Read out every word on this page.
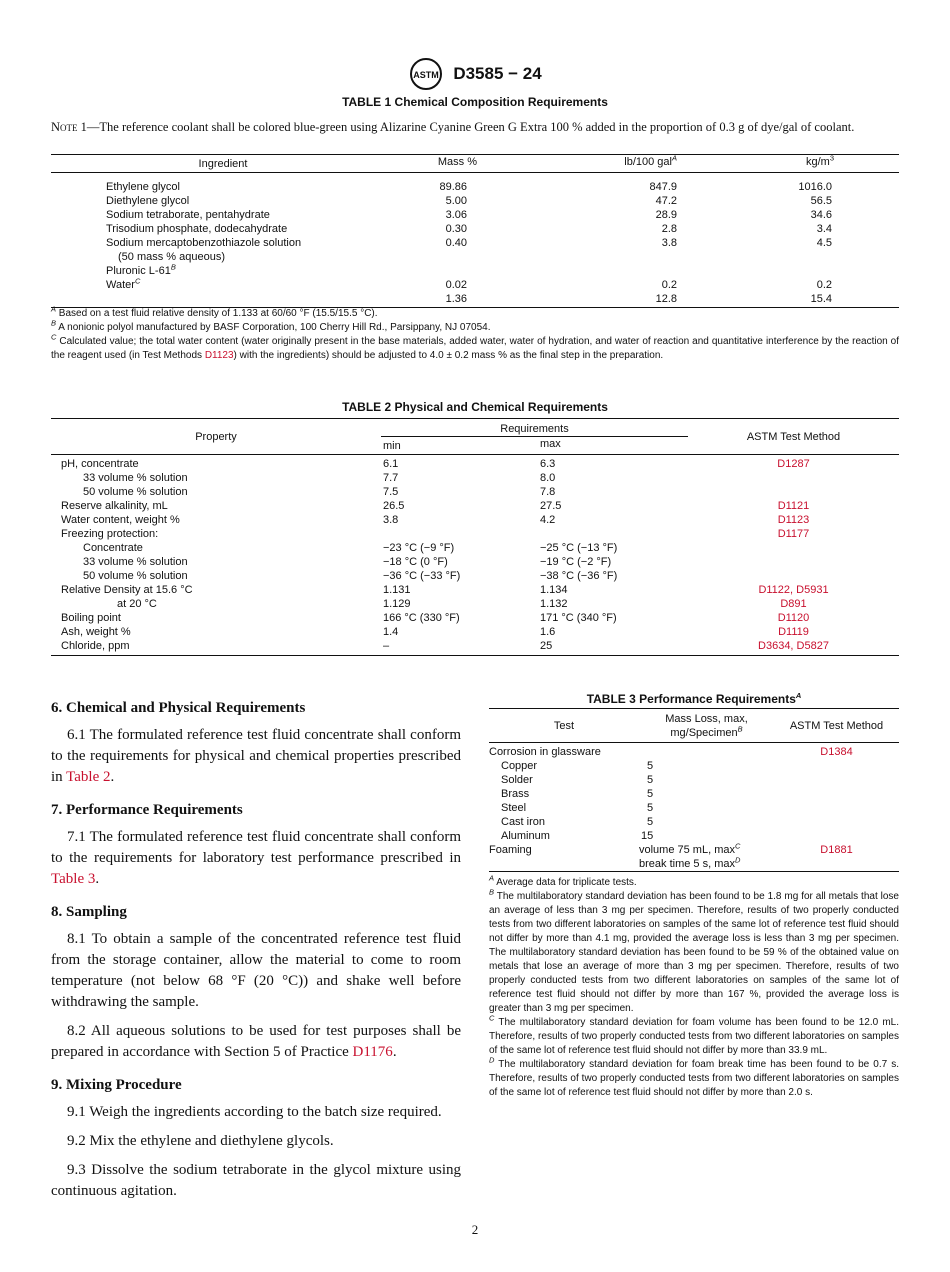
ASTM D3585 − 24
TABLE 1 Chemical Composition Requirements
Note 1—The reference coolant shall be colored blue-green using Alizarine Cyanine Green G Extra 100 % added in the proportion of 0.3 g of dye/gal of coolant.
Ingredient	Mass %	lb/100 gal$^A$	$kg/m^3$
Ethylene glycol	89.86	847.9	1016.0
Diethylene glycol	5.00	47.2	56.5
Sodium tetraborate, pentahydrate	3.06	28.9	34.6
Trisodium phosphate, dodecahydrate	0.30	2.8	3.4
Sodium mercaptobenzothiazole solution	0.40	3.8	4.5
(50 mass % aqueous)			
Pluronic $L-61^B$			
Water$^C$	0.02	0.2	0.2
	1.36	12.8	15.4
$^A$ Based on a test fluid relative density of 1.133 at 60/60 °F (15.5/15.5 °C).
$^B$ A nonionic polyol manufactured by BASF Corporation, 100 Cherry Hill Rd., Parsippany, NJ 07054.
$^C$ Calculated value; the total water content (water originally present in the base materials, added water, water of hydration, and water of reaction and quantitative interference by the reaction of the reagent used (in Test Methods D1123) with the ingredients) should be adjusted to 4.0 ± 0.2 mass % as the final step in the preparation.
TABLE 2 Physical and Chemical Requirements
Property	Requirements		ASTM Test Method
	min	max	
pH, concentrate	6.1	6.3	D1287
33 volume % solution	7.7	8.0	
50 volume % solution	7.5	7.8	
Reserve alkalinity, mL	26.5	27.5	D1121
Water content, weight %	3.8	4.2	D1123
Freezing protection:			D1177
Concentrate	−23 °C (−9 °F)	−25 °C (−13 °F)	
33 volume % solution	−18 °C (0 °F)	−19 °C (−2 °F)	
50 volume % solution	−36 °C (−33 °F)	−38 °C (−36 °F)	
Relative Density at 15.6 °C	1.131	1.134	D1122, D5931
at 20 °C	1.129	1.132	D891
Boiling point	166 °C (330 °F)	171 °C (340 °F)	D1120
Ash, weight %	1.4	1.6	D1119
Chloride, ppm	–	25	D3634, D5827
6. Chemical and Physical Requirements

6.1 The formulated reference test fluid concentrate shall conform to the requirements for physical and chemical properties prescribed in Table 2.

7. Performance Requirements

7.1 The formulated reference test fluid concentrate shall conform to the requirements for laboratory test performance prescribed in Table 3.

8. Sampling

8.1 To obtain a sample of the concentrated reference test fluid from the storage container, allow the material to come to room temperature (not below 68 °F (20 °C)) and shake well before withdrawing the sample.

8.2 All aqueous solutions to be used for test purposes shall be prepared in accordance with Section 5 of Practice D1176.

9. Mixing Procedure

9.1 Weigh the ingredients according to the batch size required.

9.2 Mix the ethylene and diethylene glycols.

9.3 Dissolve the sodium tetraborate in the glycol mixture using continuous agitation.

TABLE 3 Performance Requirements$^A$
Test	Mass Loss, max,
mg/Specimen$^B$	ASTM Test Method
Corrosion in glassware		D1384
Copper	5	
Solder	5	
Brass	5	
Steel	5	
Cast iron	5	
Aluminum	15	
Foaming	volume 75 mL, $\max^C$
break time 5 s, $\max^D$	D1881
$^A$ Average data for triplicate tests.
$^B$ The multilaboratory standard deviation has been found to be 1.8 mg for all metals that lose an average of less than 3 mg per specimen. Therefore, results of two properly conducted tests from two different laboratories on samples of the same lot of reference test fluid should not differ by more than 4.1 mg, provided the average loss is less than 3 mg per specimen. The multilaboratory standard deviation has been found to be 59 % of the obtained value on metals that lose an average of more than 3 mg per specimen. Therefore, results of two properly conducted tests from two different laboratories on samples of the same lot of reference test fluid should not differ by more than 167 %, provided the average loss is greater than 3 mg per specimen.
$^C$ The multilaboratory standard deviation for foam volume has been found to be 12.0 mL. Therefore, results of two properly conducted tests from two different laboratories on samples of the same lot of reference test fluid should not differ by more than 33.9 mL.
$^D$ The multilaboratory standard deviation for foam break time has been found to be 0.7 s. Therefore, results of two properly conducted tests from two different laboratories on samples of the same lot of reference test fluid should not differ by more than 2.0 s.
2
